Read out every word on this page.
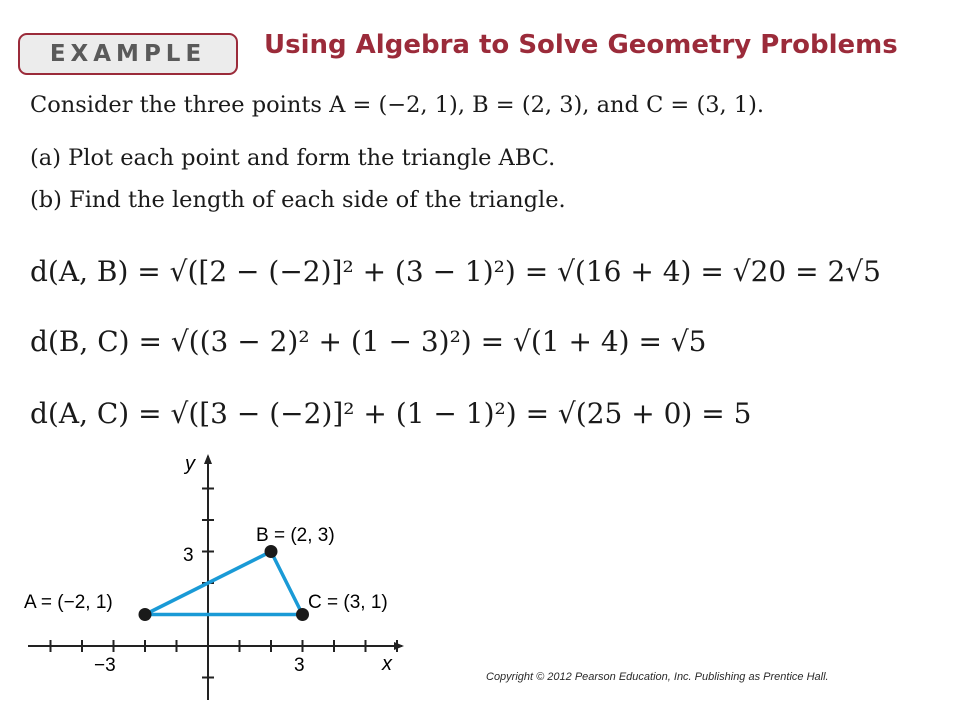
EXAMPLE	Using Algebra to Solve Geometry Problems
Consider the three points A = (−2, 1), B = (2, 3), and C = (3, 1).
(a) Plot each point and form the triangle ABC.
(b) Find the length of each side of the triangle.
d(A, B) = √([2 − (−2)]² + (3 − 1)²) = √(16 + 4) = √20 = 2√5
d(B, C) = √((3 − 2)² + (1 − 3)²) = √(1 + 4) = √5
d(A, C) = √([3 − (−2)]² + (1 − 1)²) = √(25 + 0) = 5
x
y
−3	3
3
A = (−2, 1)
B = (2, 3)
C = (3, 1)
Copyright © 2012 Pearson Education, Inc. Publishing as Prentice Hall.
